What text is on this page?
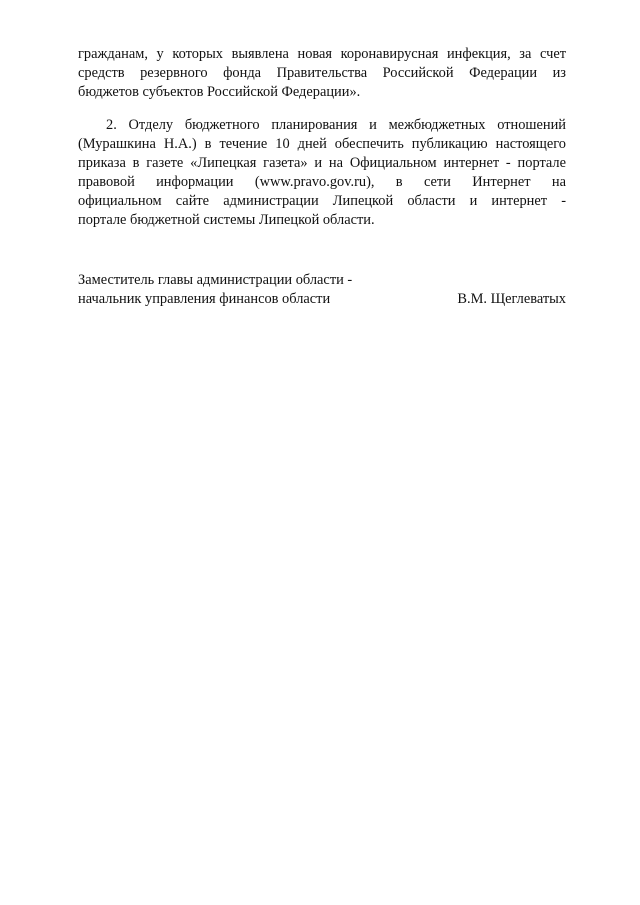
гражданам, у которых выявлена новая коронавирусная инфекция, за счет
средств резервного фонда Правительства Российской Федерации из
бюджетов субъектов Российской Федерации».
2. Отделу бюджетного планирования и межбюджетных отношений
(Мурашкина Н.А.) в течение 10 дней обеспечить публикацию настоящего
приказа в газете «Липецкая газета» и на Официальном интернет - портале
правовой информации (www.pravo.gov.ru), в сети Интернет на
официальном сайте администрации Липецкой области и интернет -
портале бюджетной системы Липецкой области.
Заместитель главы администрации области -
начальник управления финансов области	В.М. Щеглеватых
